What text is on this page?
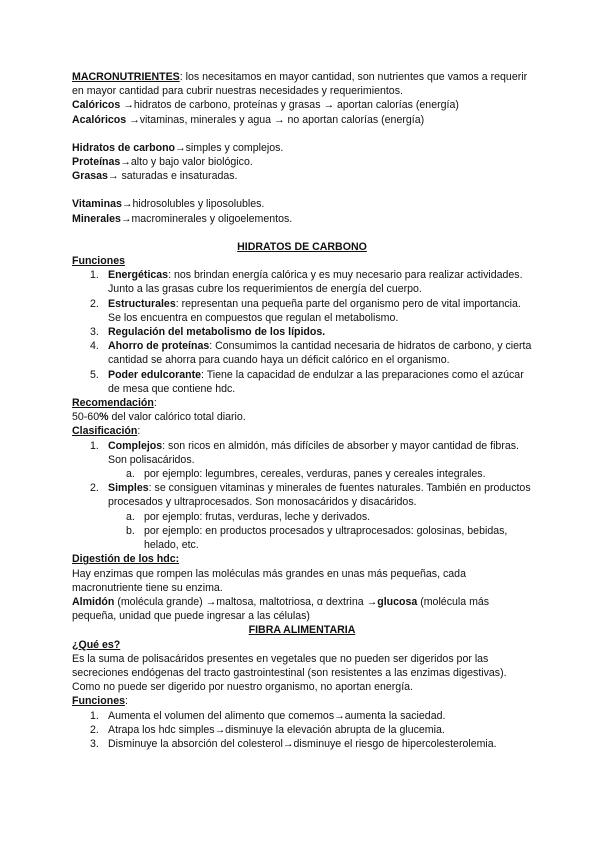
MACRONUTRIENTES: los necesitamos en mayor cantidad, son nutrientes que vamos a requerir en mayor cantidad para cubrir nuestras necesidades y requerimientos.

Calóricos →hidratos de carbono, proteínas y grasas → aportan calorías (energía)

Acalóricos →vitaminas, minerales y agua → no aportan calorías (energía)

Hidratos de carbono→simples y complejos.

Proteínas→alto y bajo valor biológico.

Grasas→ saturadas e insaturadas.

Vitaminas→hidrosolubles y liposolubles.

Minerales→macrominerales y oligoelementos.

HIDRATOS DE CARBONO

Funciones

1. Energéticas: nos brindan energía calórica y es muy necesario para realizar actividades. Junto a las grasas cubre los requerimientos de energía del cuerpo.
2. Estructurales: representan una pequeña parte del organismo pero de vital importancia. Se los encuentra en compuestos que regulan el metabolismo.
3. Regulación del metabolismo de los lípidos.
4. Ahorro de proteínas: Consumimos la cantidad necesaria de hidratos de carbono, y cierta cantidad se ahorra para cuando haya un déficit calórico en el organismo.
5. Poder edulcorante: Tiene la capacidad de endulzar a las preparaciones como el azúcar de mesa que contiene hdc.

Recomendación:

50-60% del valor calórico total diario.

Clasificación:

1. Complejos: son ricos en almidón, más difíciles de absorber y mayor cantidad de fibras. Son polisacáridos.
a. por ejemplo: legumbres, cereales, verduras, panes y cereales integrales.
2. Simples: se consiguen vitaminas y minerales de fuentes naturales. También en productos procesados y ultraprocesados. Son monosacáridos y disacáridos.
a. por ejemplo: frutas, verduras, leche y derivados.
b. por ejemplo: en productos procesados y ultraprocesados: golosinas, bebidas, helado, etc.

Digestión de los hdc:

Hay enzimas que rompen las moléculas más grandes en unas más pequeñas, cada macronutriente tiene su enzima.

Almidón (molécula grande) →maltosa, maltotriosa, α dextrina →glucosa (molécula más pequeña, unidad que puede ingresar a las células)

FIBRA ALIMENTARIA

¿Qué es?

Es la suma de polisacáridos presentes en vegetales que no pueden ser digeridos por las secreciones endógenas del tracto gastrointestinal (son resistentes a las enzimas digestivas). Como no puede ser digerido por nuestro organismo, no aportan energía.

Funciones:

1. Aumenta el volumen del alimento que comemos→aumenta la saciedad.
2. Atrapa los hdc simples→disminuye la elevación abrupta de la glucemia.
3. Disminuye la absorción del colesterol→disminuye el riesgo de hipercolesterolemia.
